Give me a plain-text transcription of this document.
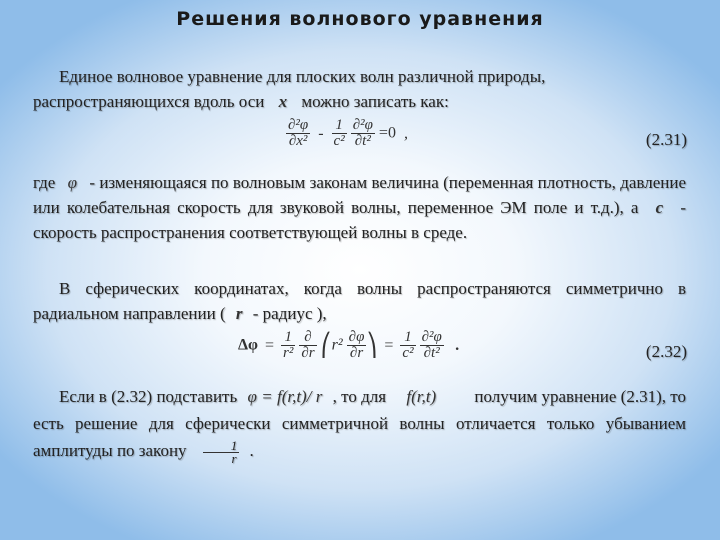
Решения волнового уравнения
Единое волновое уравнение для плоских волн различной природы,
распространяющихся вдоль оси x можно записать как:
$\frac{\text{∂²φ}}{\text{∂x²}} - \frac{1}{\text{c²}}$
$\frac{\text{∂²φ}}{\text{∂t²}} =0$ ,	(2.31)
где φ - изменяющаяся по волновым законам величина (переменная плотность, давление или колебательная скорость для звуковой волны, переменное ЭМ поле и т.д.), а c - скорость распространения соответствующей волны в среде.
В сферических координатах, когда волны распространяются симметрично в радиальном направлении ( r - радиус ),
$\Delta\varphi = \frac{1}{\text{r²}}$
$\frac{\partial}{\partial r}$ ⎛r² $\frac{\partial\varphi}{\partial r}$ ⎞ = $\frac{1}{\text{c²}}$
$\frac{\text{∂²φ}}{\text{∂t²}}$ .	(2.32)
Если в (2.32) подставить φ = f(r,t)/ r , то для f(r,t) получим уравнение (2.31), то есть решение для сферически симметричной волны отличается только убыванием амплитуды по закону $\frac{1}{r}$ .
